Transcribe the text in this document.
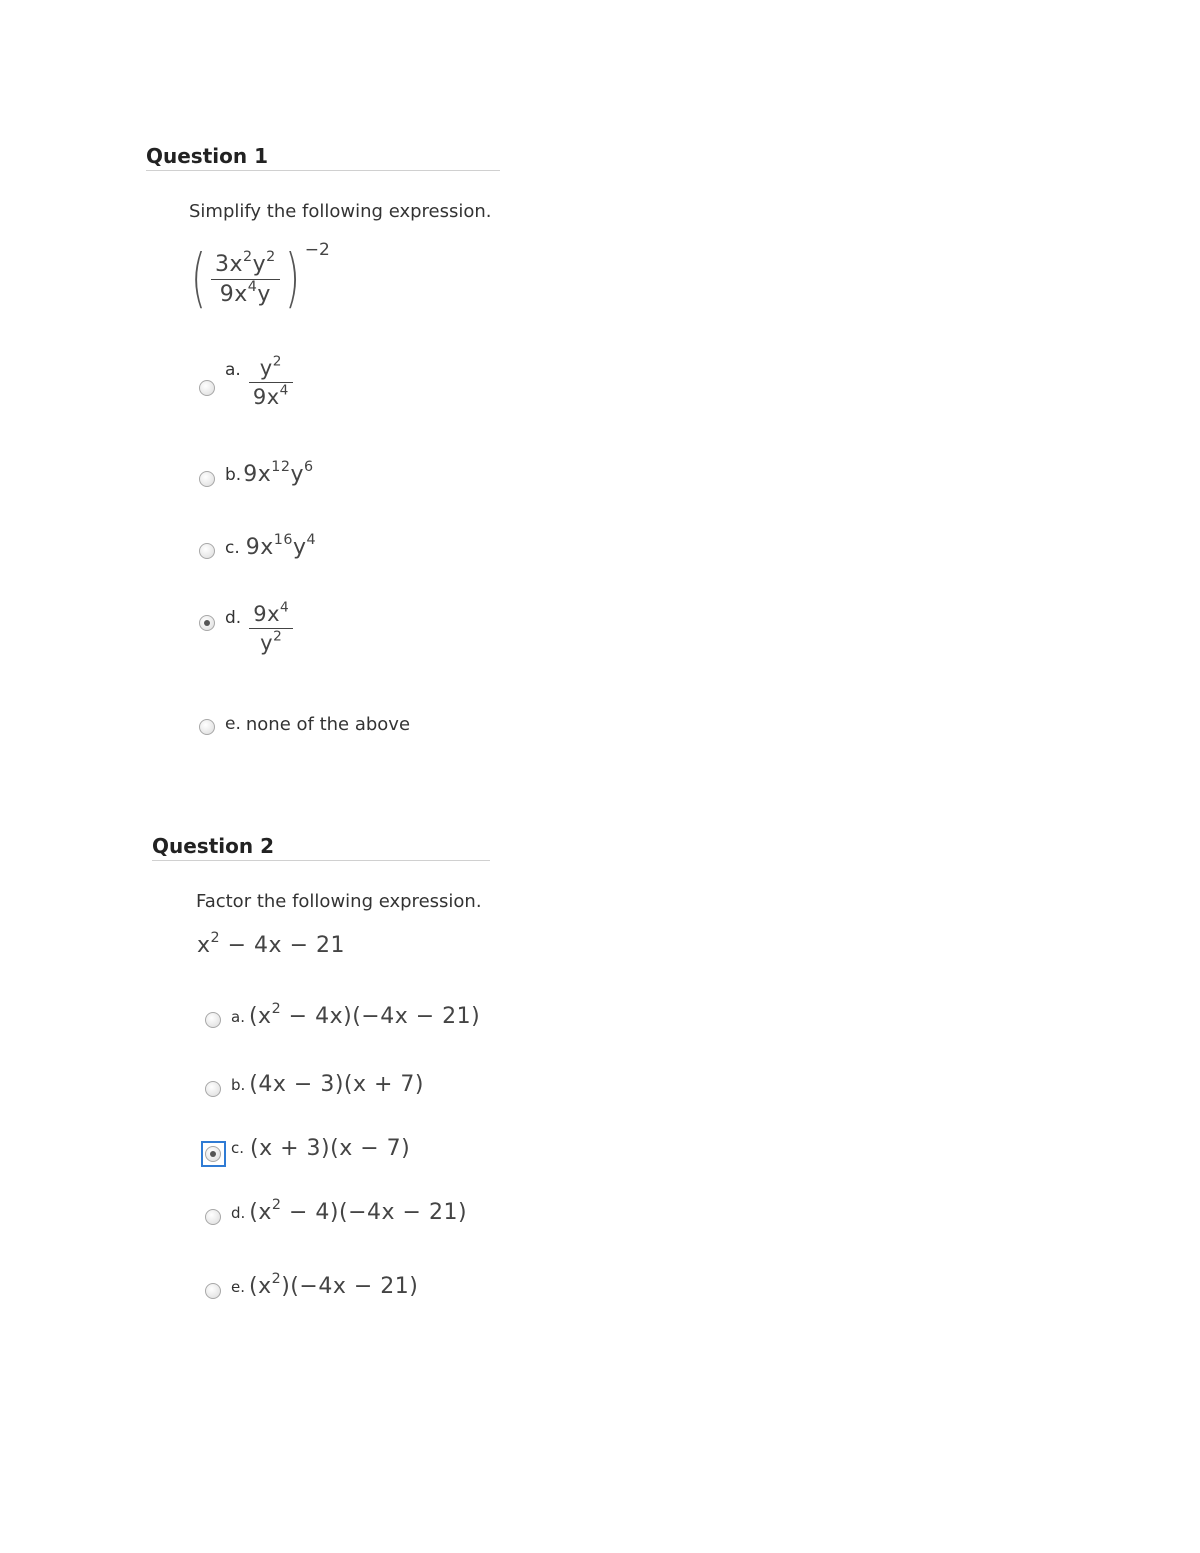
Question 1
Simplify the following expression.
( $\frac{3x^2y^2}{9x^4y}$ ) −2
a. $\frac{y^2}{9x^4}$
b. $9x^{12}y^6$
c. $9x^{16}y^4$
d. $\frac{9x^4}{y^2}$
e. none of the above
Question 2
Factor the following expression.
$x^2 - 4x - 21$
a. $(x^2 - 4x)(-4x - 21)$
b. (4x − 3)(x + 7)
c. (x + 3)(x − 7)
d. $(x^2 - 4)(-4x - 21)$
e. $(x^2)(-4x - 21)$
